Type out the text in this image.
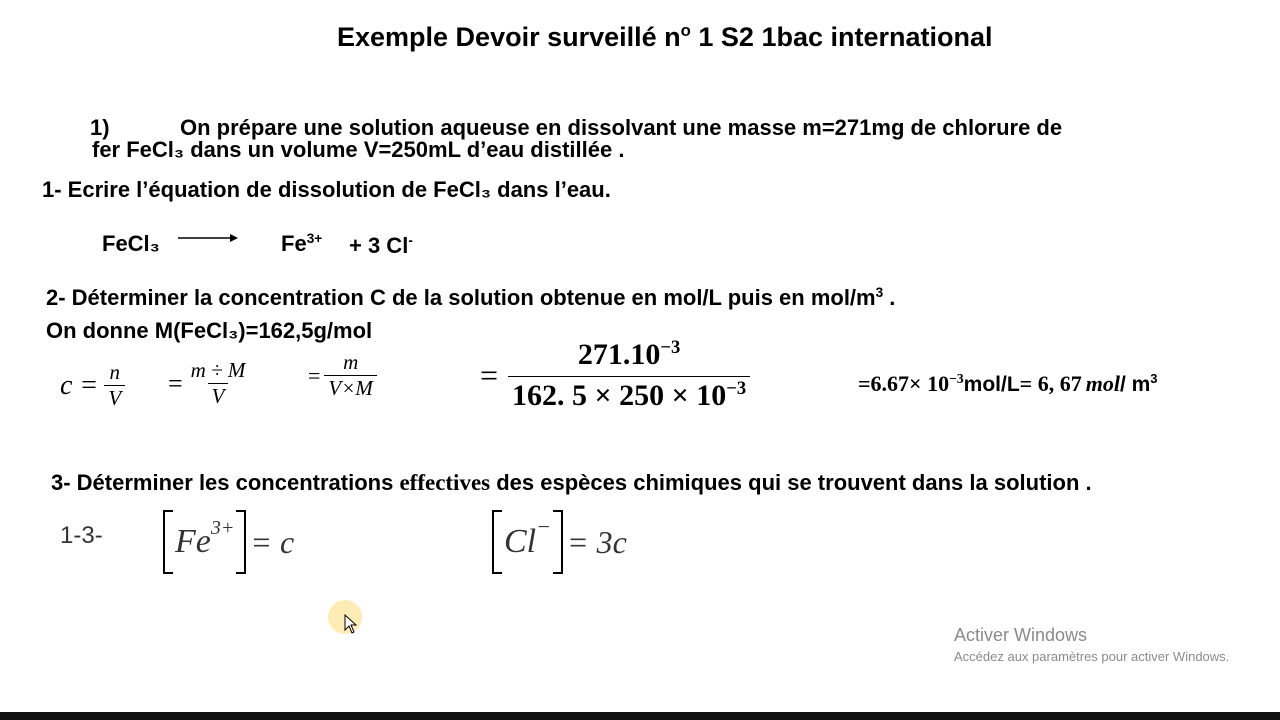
Exemple Devoir surveillé $n^o$ 1 S2 1bac international
1)	On prépare une solution aqueuse en dissolvant une masse m=271mg de chlorure de
fer FeCl₃ dans un volume V=250mL d’eau distillée .
1- Ecrire l’équation de dissolution de FeCl₃ dans l’eau.
FeCl₃ → $Fe^{3+} + 3$ Cl-
2- Déterminer la concentration C de la solution obtenue en mol/L puis en mol/$m^3$ .
On donne M(FeCl₃)=162,5g/mol
$c = \frac{n}{V} = \frac{m \div M}{V}$	= $\frac{m}{V\times M}$	= $\frac{271.10^{-3}}{162. 5 \times 250 \times 10^{-3}}$	$=6.67\times 10^{-3}$ mol/L = 6, 67 mol / $m^3$
3- Déterminer les concentrations effectives des espèces chimiques qui se trouvent dans la solution .
1-3- $Fe^{3+} = c$	Cl− = 3c
Activer Windows
Accédez aux paramètres pour activer Windows.
